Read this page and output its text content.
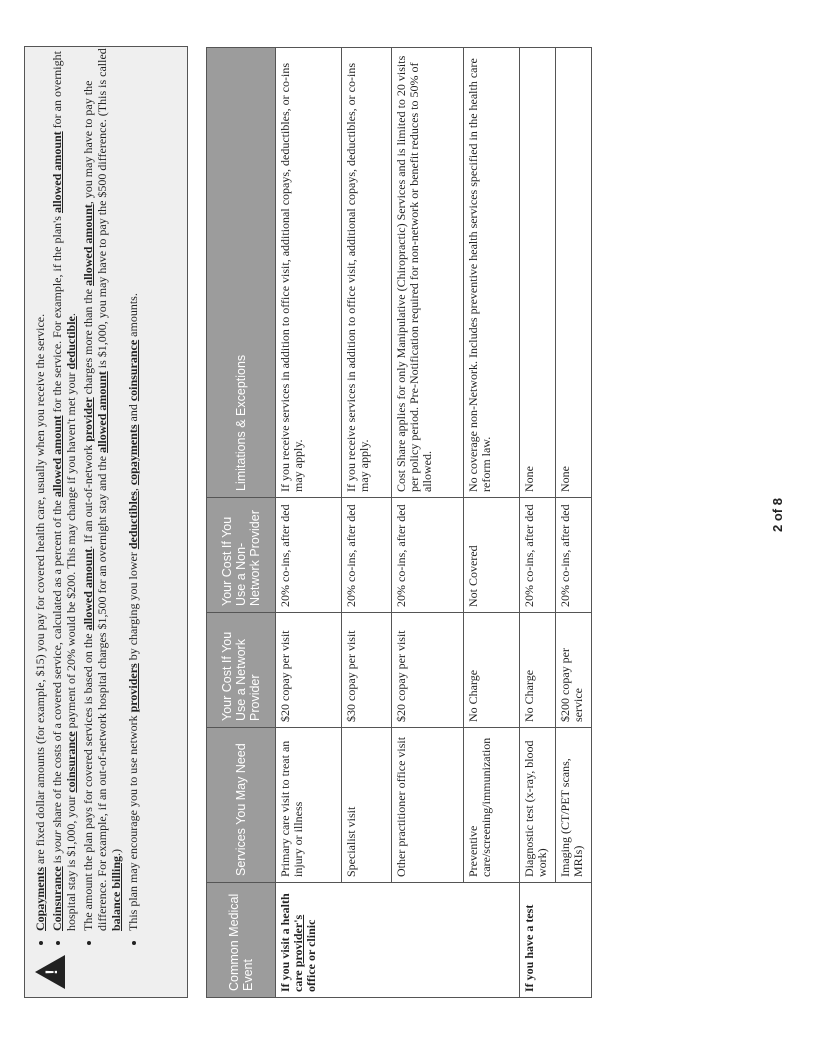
!
• Copayments are fixed dollar amounts (for example, $15) you pay for covered health care, usually when you receive the service.
• Coinsurance is your share of the costs of a covered service, calculated as a percent of the allowed amount for the service. For example, if the plan's allowed amount for an overnight hospital stay is $1,000, your coinsurance payment of 20% would be $200. This may change if you haven't met your deductible.
• The amount the plan pays for covered services is based on the allowed amount. If an out-of-network provider charges more than the allowed amount, you may have to pay the difference. For example, if an out-of-network hospital charges $1,500 for an overnight stay and the allowed amount is $1,000, you may have to pay the $500 difference. (This is called balance billing.) • This plan may encourage you to use network providers by charging you lower deductibles, copayments and coinsurance amounts.
Common Medical Event	Services You May Need	Your Cost If You Use a Network Provider	Your Cost If You Use a Non-Network Provider	Limitations & Exceptions
If you visit a health care provider's office or clinic	Primary care visit to treat an injury or illness	$20 copay per visit	20% co-ins, after ded	If you receive services in addition to office visit, additional copays, deductibles, or co-ins may apply.
	Specialist visit	$30 copay per visit	20% co-ins, after ded	If you receive services in addition to office visit, additional copays, deductibles, or co-ins may apply.
	Other practitioner office visit	$20 copay per visit	20% co-ins, after ded	Cost Share applies for only Manipulative (Chiropractic) Services and is limited to 20 visits per policy period. Pre-Notification required for non-network or benefit reduces to 50% of allowed.
	Preventive care/screening/immunization	No Charge	Not Covered	No coverage non-Network. Includes preventive health services specified in the health care reform law.
If you have a test	Diagnostic test (x-ray, blood work)	No Charge	20% co-ins, after ded	None
	Imaging (CT/PET scans, MRIs)	$200 copay per service	20% co-ins, after ded	None
2 of 8
